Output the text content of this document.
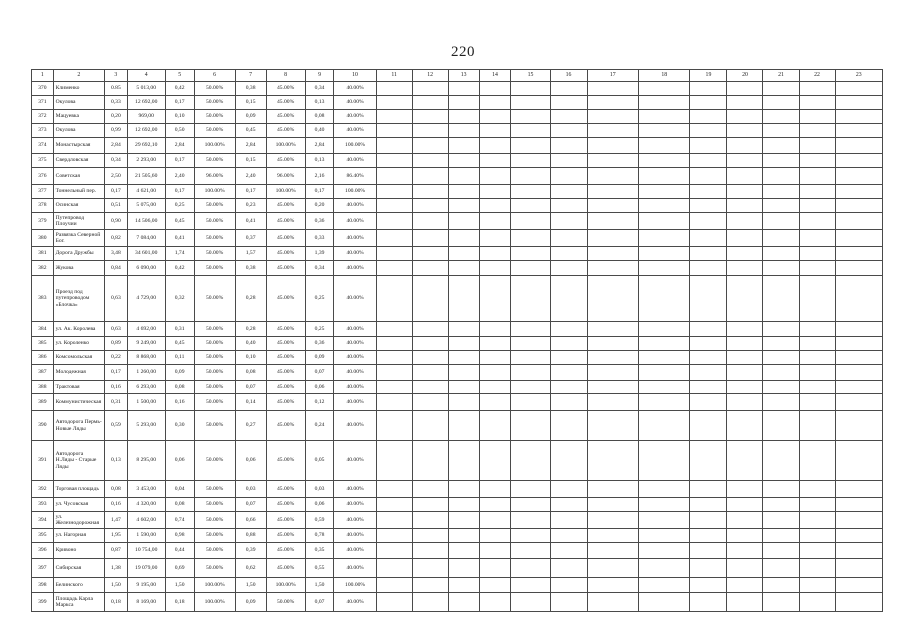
220
1	2	3	4	5	6	7	8	9	10	11	12	13	14	15	16	17	18	19	20	21	22	23
370	Клименко	0.85	5 013,00	0,42	50.00%	0,38	45.00%	0,34	40.00%													
371	Окулова	0,33	12 692,00	0,17	50.00%	0,15	45.00%	0,13	40.00%													
372	Мацуевка	0,20	969,00	0,10	50.00%	0,09	45.00%	0,08	40.00%													
373	Окулова	0,99	12 692,00	0,50	50.00%	0,45	45.00%	0,40	40.00%													
374	Монастырская	2,84	29 692,10	2,84	100.00%	2,84	100.00%	2,84	100.00%													
375	Свердловская	0,34	2 293,00	0,17	50.00%	0,15	45.00%	0,13	40.00%													
376	Советская	2,50	21 505,60	2,40	96.00%	2,40	96.00%	2,16	86.40%													
377	Тоннельный пер.	0,17	4 621,00	0,17	100.00%	0,17	100.00%	0,17	100.00%													
378	Осинская	0,51	5 075,00	0,25	50.00%	0,23	45.00%	0,20	40.00%													
379	Путепровод Плоучии	0,90	14 506,00	0,45	50.00%	0,41	45.00%	0,36	40.00%													
380	Развязка Северной Бог.	0,82	7 084,00	0,41	50.00%	0,37	45.00%	0,33	40.00%													
381	Дорога Дружбы	3,48	34 601,00	1,74	50.00%	1,57	45.00%	1,39	40.00%													
382	Жукова	0,84	6 090,00	0,42	50.00%	0,38	45.00%	0,34	40.00%													
383	Проезд под путепроводом «Блочка»	0,63	4 729,00	0,32	50.00%	0,28	45.00%	0,25	40.00%													
384	ул. Ак. Королева	0,63	4 692,00	0,31	50.00%	0,28	45.00%	0,25	40.00%													
385	ул. Короленко	0,89	9 249,00	0,45	50.00%	0,40	45.00%	0,36	40.00%													
386	Комсомольская	0,22	8 868,00	0,11	50.00%	0,10	45.00%	0,09	40.00%													
387	Молодежная	0,17	1 260,00	0,09	50.00%	0,08	45.00%	0,07	40.00%													
388	Трактовая	0,16	6 293,00	0,08	50.00%	0,07	45.00%	0,06	40.00%													
389	Коммунистическая	0,31	1 500,00	0,16	50.00%	0,14	45.00%	0,12	40.00%													
390	Автодорога Пермь-Новые Ляды	0,59	5 293,00	0,30	50.00%	0,27	45.00%	0,24	40.00%													
391	Автодорога Н.Ляды - Старые Ляды	0,13	8 295,00	0,06	50.00%	0,06	45.00%	0,05	40.00%													
392	Торговая площадь	0,08	3 453,00	0,04	50.00%	0,03	45.00%	0,03	40.00%													
393	ул. Чусовская	0,16	4 320,00	0,08	50.00%	0,07	45.00%	0,06	40.00%													
394	ул. Железнодорожная	1,47	4 602,00	0,74	50.00%	0,66	45.00%	0,59	40.00%													
395	ул. Нагорная	1,95	1 590,00	0,98	50.00%	0,88	45.00%	0,78	40.00%													
396	Кривоно	0,87	10 754,00	0,44	50.00%	0,39	45.00%	0,35	40.00%													
397	Сибирская	1,38	19 079,00	0,69	50.00%	0,62	45.00%	0,55	40.00%													
398	Белинского	1,50	9 195,00	1,50	100.00%	1,50	100.00%	1,50	100.00%													
399	Площадь Карла Маркса	0,18	8 169,00	0,18	100.00%	0,09	50.00%	0,07	40.00%													
